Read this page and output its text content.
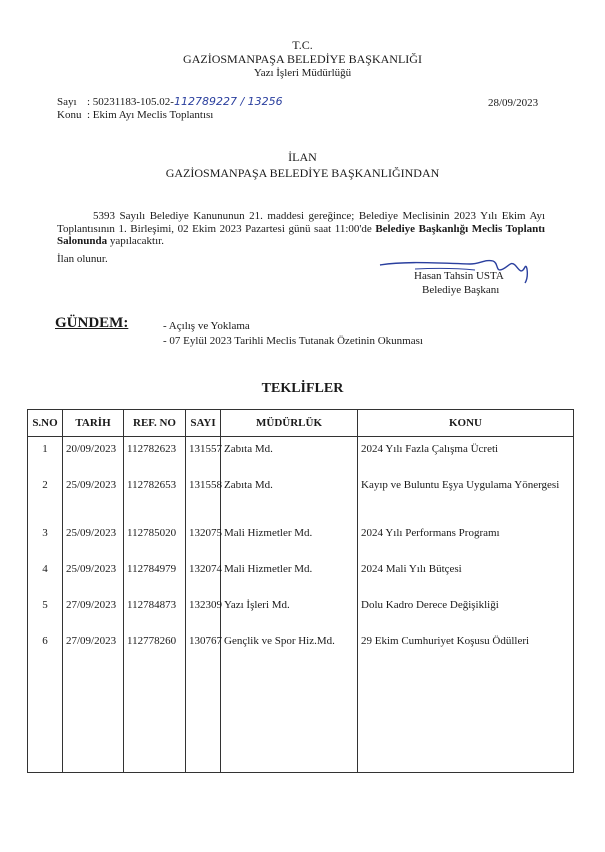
T.C.
GAZİOSMANPAŞA BELEDİYE BAŞKANLIĞI
Yazı İşleri Müdürlüğü
Sayı : 50231183-105.02-112789227 / 13256
Konu : Ekim Ayı Meclis Toplantısı
28/09/2023
İLAN
GAZİOSMANPAŞA BELEDİYE BAŞKANLIĞINDAN
5393 Sayılı Belediye Kanununun 21. maddesi gereğince; Belediye Meclisinin 2023 Yılı Ekim Ayı Toplantısının 1. Birleşimi, 02 Ekim 2023 Pazartesi günü saat 11:00'de Belediye Başkanlığı Meclis Toplantı Salonunda yapılacaktır.
İlan olunur.
Hasan Tahsin USTA
Belediye Başkanı
GÜNDEM:	- Açılış ve Yoklama
- 07 Eylül 2023 Tarihli Meclis Tutanak Özetinin Okunması
TEKLİFLER
S.NO	TARİH	REF. NO	SAYI	MÜDÜRLÜK	KONU
1	20/09/2023	112782623	131557	Zabıta Md.	2024 Yılı Fazla Çalışma Ücreti
2	25/09/2023	112782653	131558	Zabıta Md.	Kayıp ve Buluntu Eşya Uygulama Yönergesi
3	25/09/2023	112785020	132075	Mali Hizmetler Md.	2024 Yılı Performans Programı
4	25/09/2023	112784979	132074	Mali Hizmetler Md.	2024 Mali Yılı Bütçesi
5	27/09/2023	112784873	132309	Yazı İşleri Md.	Dolu Kadro Derece Değişikliği
6	27/09/2023	112778260	130767	Gençlik ve Spor Hiz.Md.	29 Ekim Cumhuriyet Koşusu Ödülleri
